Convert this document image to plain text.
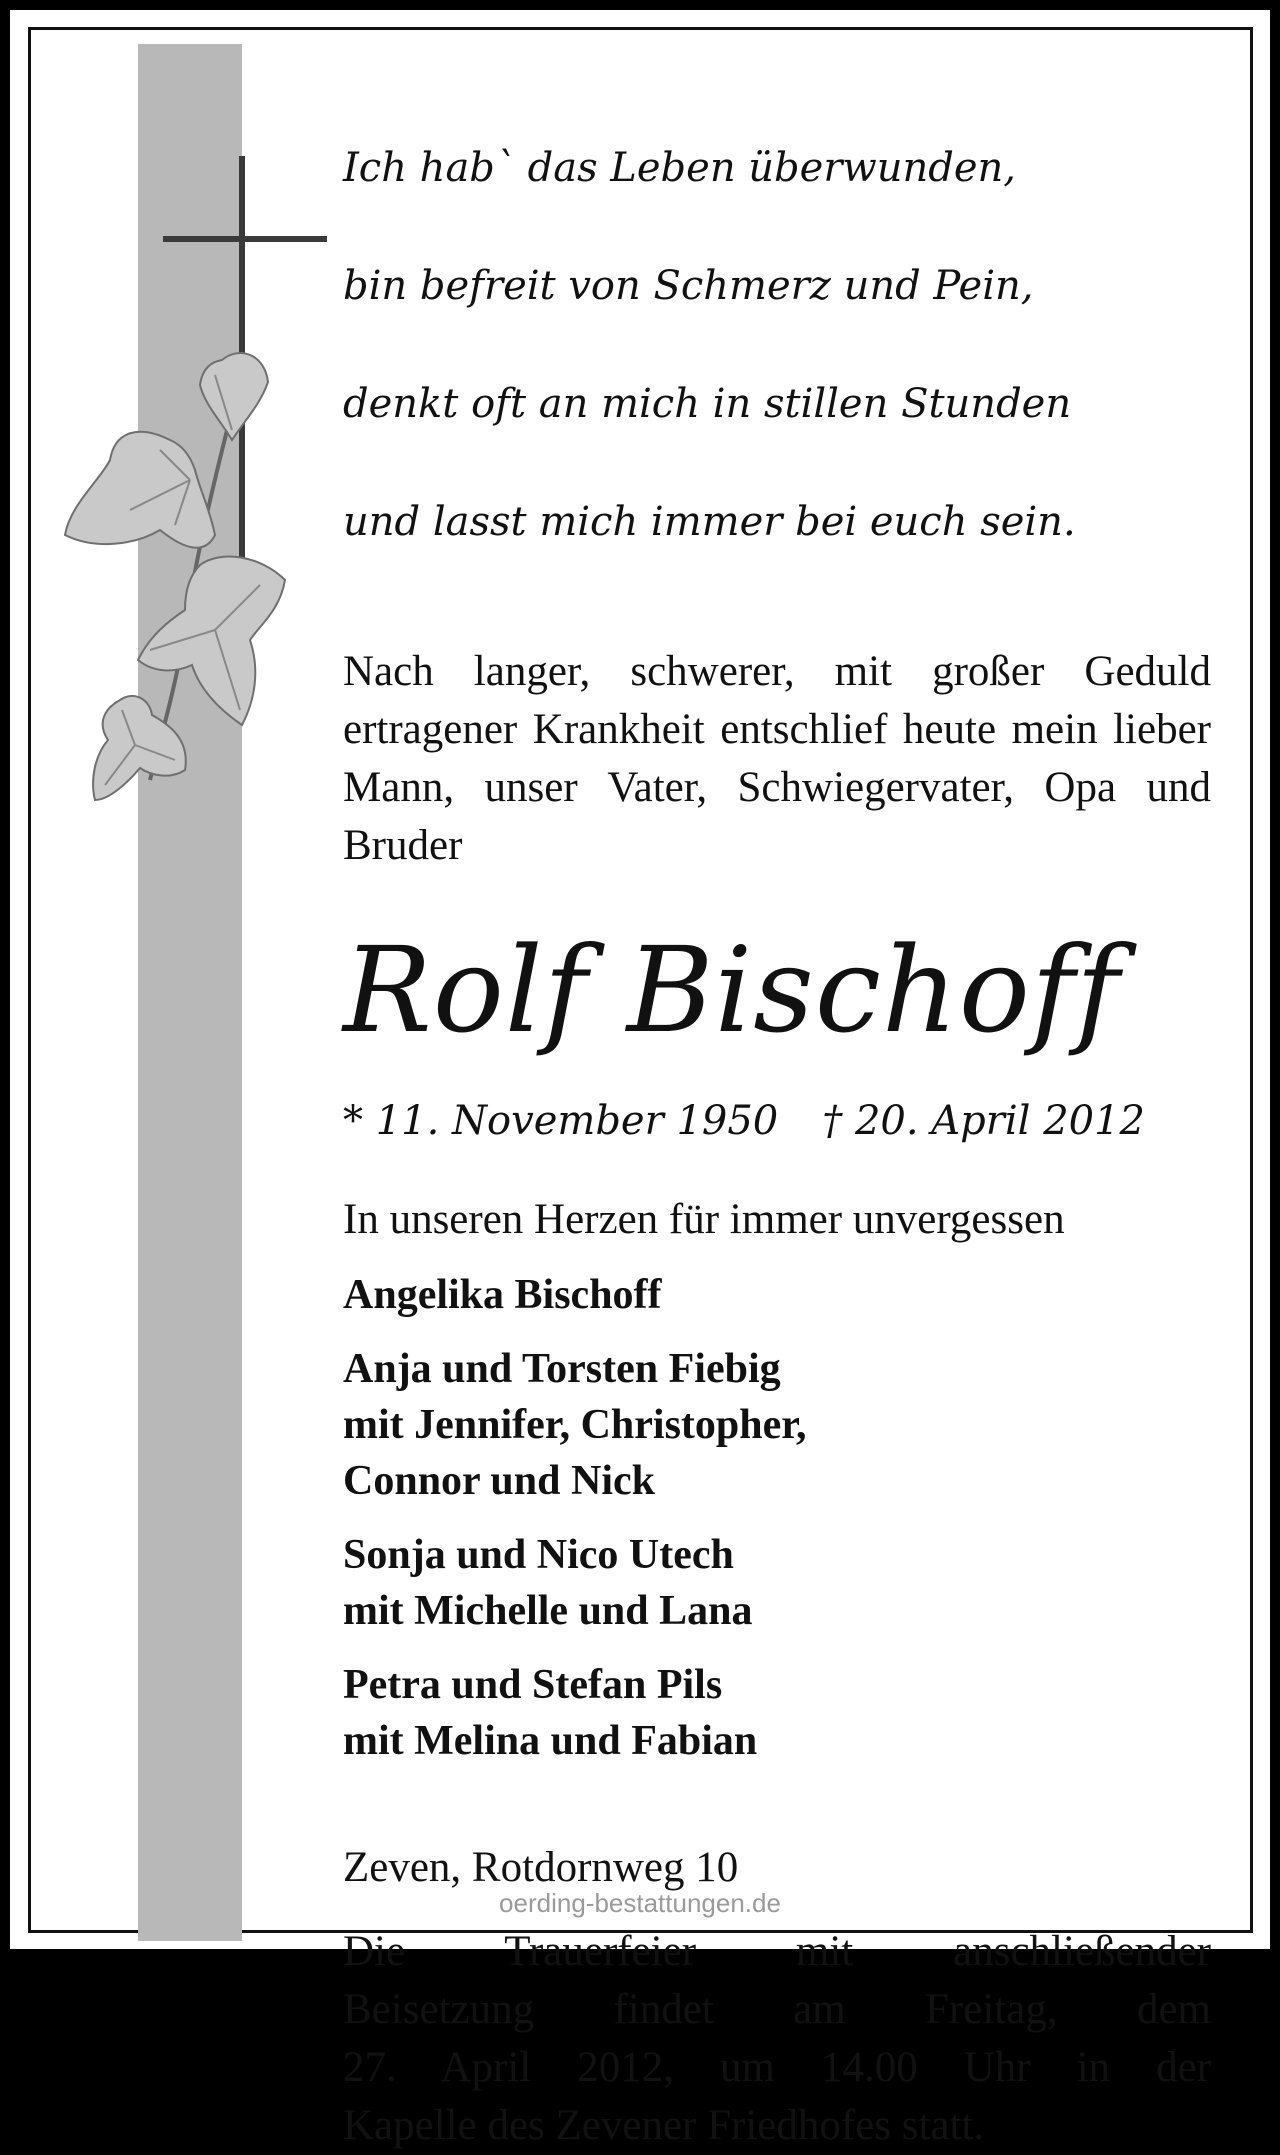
Ich hab` das Leben überwunden,

bin befreit von Schmerz und Pein,

denkt oft an mich in stillen Stunden

und lasst mich immer bei euch sein.

Nach langer, schwerer, mit großer Geduld ertragener Krankheit entschlief heute mein lieber Mann, unser Vater, Schwiegervater, Opa und Bruder

Rolf Bischoff
* 11. November 1950 † 20. April 2012

In unseren Herzen für immer unvergessen

Angelika Bischoff
Anja und Torsten Fiebig
mit Jennifer, Christopher,
Connor und Nick
Sonja und Nico Utech
mit Michelle und Lana
Petra und Stefan Pils
mit Melina und Fabian

Zeven, Rotdornweg 10

Die Trauerfeier mit anschließender
Beisetzung findet am Freitag, dem
27. April 2012, um 14.00 Uhr in der
Kapelle des Zevener Friedhofes statt.
oerding-bestattungen.de
